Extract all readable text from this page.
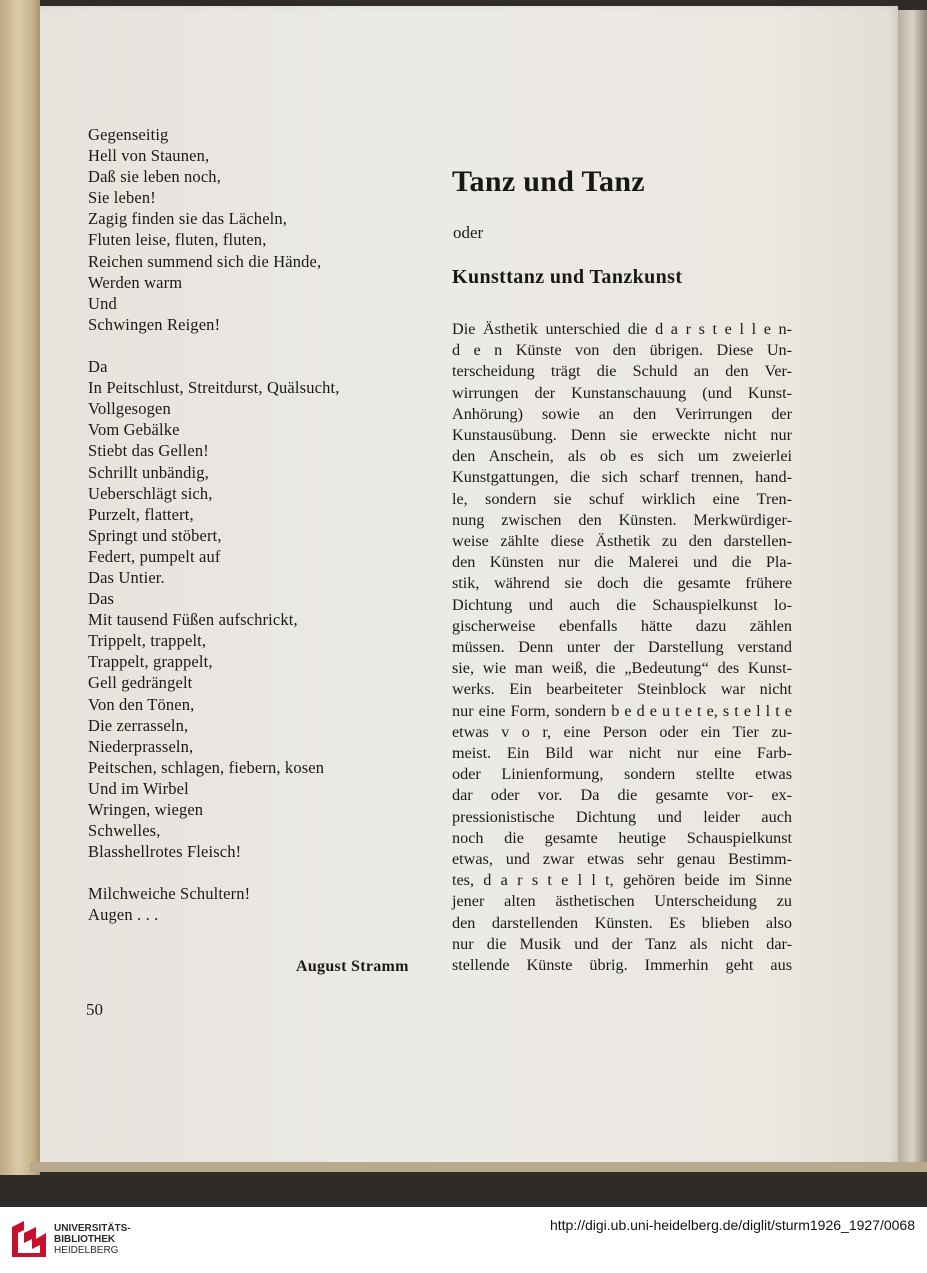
Gegenseitig
Hell von Staunen,
Daß sie leben noch,
Sie leben!
Zagig finden sie das Lächeln,
Fluten leise, fluten, fluten,
Reichen summend sich die Hände,
Werden warm
Und
Schwingen Reigen!
Da
In Peitschlust, Streitdurst, Quälsucht,
Vollgesogen
Vom Gebälke
Stiebt das Gellen!
Schrillt unbändig,
Ueberschlägt sich,
Purzelt, flattert,
Springt und stöbert,
Federt, pumpelt auf
Das Untier.
Das
Mit tausend Füßen aufschrickt,
Trippelt, trappelt,
Trappelt, grappelt,
Gell gedrängelt
Von den Tönen,
Die zerrasseln,
Niederprasseln,
Peitschen, schlagen, fiebern, kosen
Und im Wirbel
Wringen, wiegen
Schwelles,
Blasshellrotes Fleisch!
Milchweiche Schultern!
Augen . . .
August Stramm
50
Tanz und Tanz
oder
Kunsttanz und Tanzkunst
Die Ästhetik unterschied die d a r s t e l l e n-
d e n Künste von den übrigen. Diese Un-
terscheidung trägt die Schuld an den Ver-
wirrungen der Kunstanschauung (und Kunst-
Anhörung) sowie an den Verirrungen der
Kunstausübung. Denn sie erweckte nicht nur
den Anschein, als ob es sich um zweierlei
Kunstgattungen, die sich scharf trennen, hand-
le, sondern sie schuf wirklich eine Tren-
nung zwischen den Künsten. Merkwürdiger-
weise zählte diese Ästhetik zu den darstellen-
den Künsten nur die Malerei und die Pla-
stik, während sie doch die gesamte frühere
Dichtung und auch die Schauspielkunst lo-
gischerweise ebenfalls hätte dazu zählen
müssen. Denn unter der Darstellung verstand
sie, wie man weiß, die „Bedeutung“ des Kunst-
werks. Ein bearbeiteter Steinblock war nicht
nur eine Form, sondern b e d e u t e t e, s t e l l t e
etwas v o r, eine Person oder ein Tier zu-
meist. Ein Bild war nicht nur eine Farb-
oder Linienformung, sondern stellte etwas
dar oder vor. Da die gesamte vor- ex-
pressionistische Dichtung und leider auch
noch die gesamte heutige Schauspielkunst
etwas, und zwar etwas sehr genau Bestimm-
tes, d a r s t e l l t, gehören beide im Sinne
jener alten ästhetischen Unterscheidung zu
den darstellenden Künsten. Es blieben also
nur die Musik und der Tanz als nicht dar-
stellende Künste übrig. Immerhin geht aus
UNIVERSITÄTS-
BIBLIOTHEK
HEIDELBERG
http://digi.ub.uni-heidelberg.de/diglit/sturm1926_1927/0068
